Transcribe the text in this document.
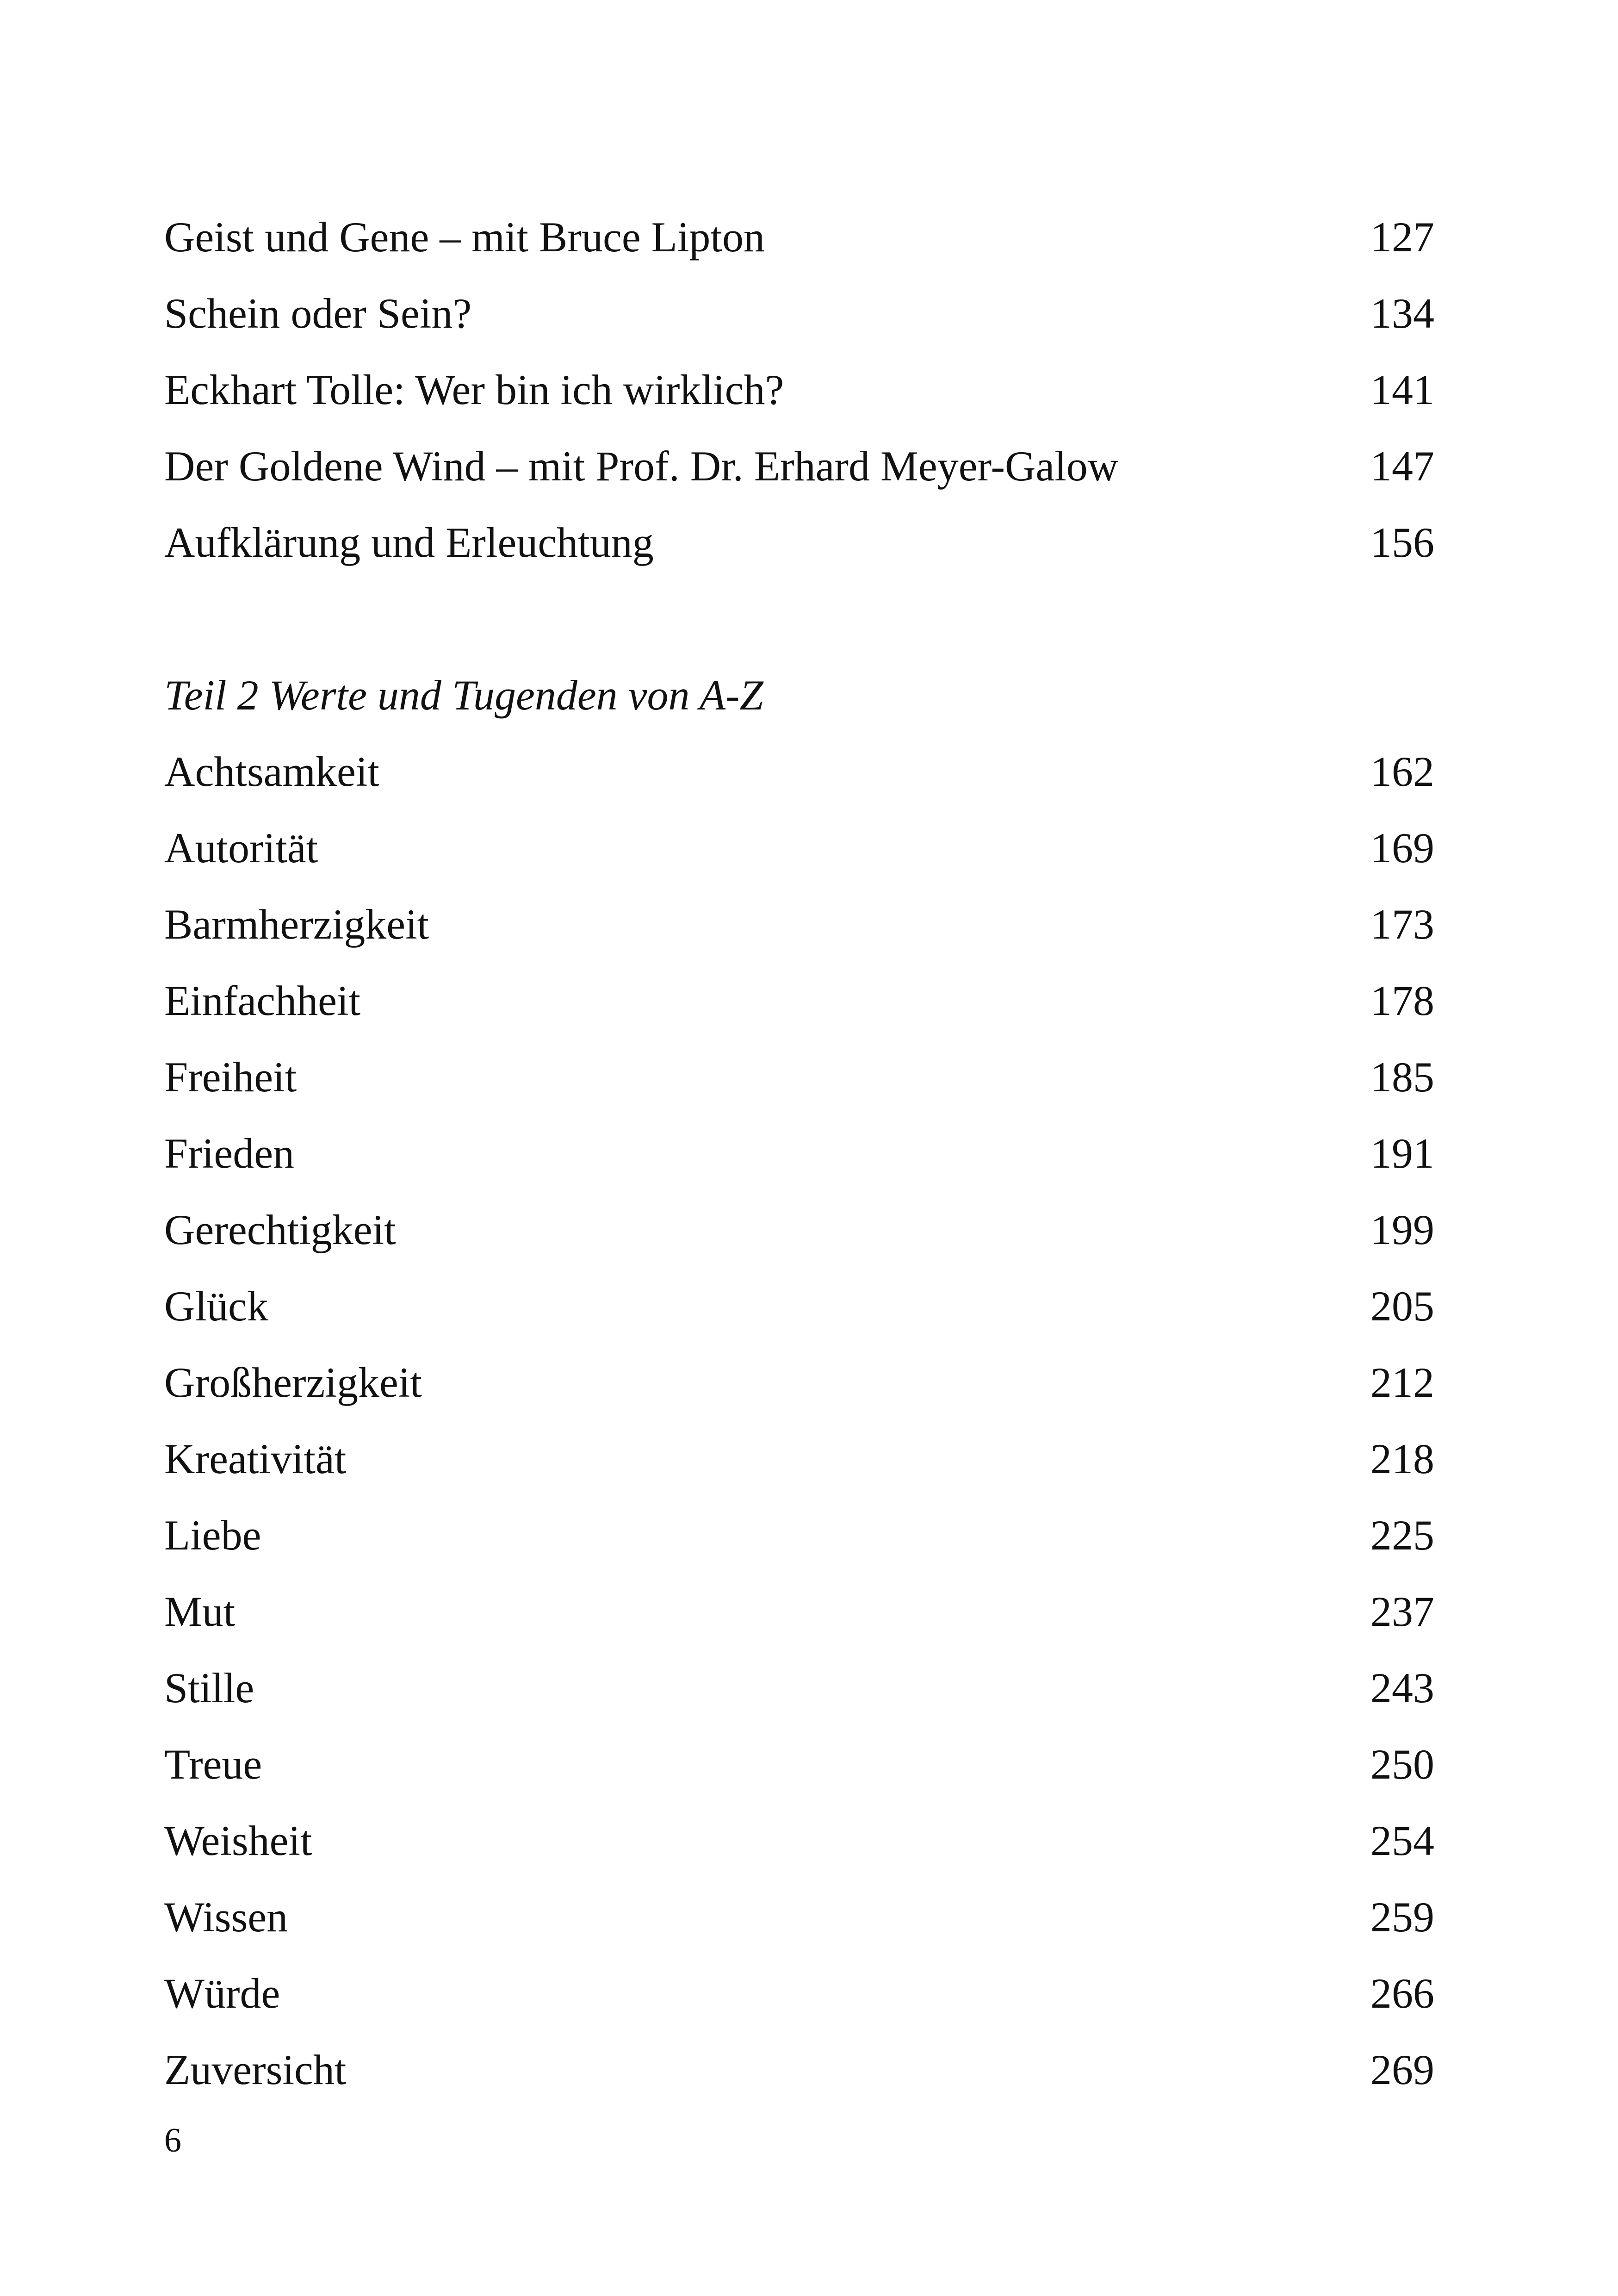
Geist und Gene – mit Bruce Lipton	127
Schein oder Sein?	134
Eckhart Tolle: Wer bin ich wirklich?	141
Der Goldene Wind – mit Prof. Dr. Erhard Meyer-Galow	147
Aufklärung und Erleuchtung	156
Teil 2 Werte und Tugenden von A-Z
Achtsamkeit	162
Autorität	169
Barmherzigkeit	173
Einfachheit	178
Freiheit	185
Frieden	191
Gerechtigkeit	199
Glück	205
Großherzigkeit	212
Kreativität	218
Liebe	225
Mut	237
Stille	243
Treue	250
Weisheit	254
Wissen	259
Würde	266
Zuversicht	269
6
